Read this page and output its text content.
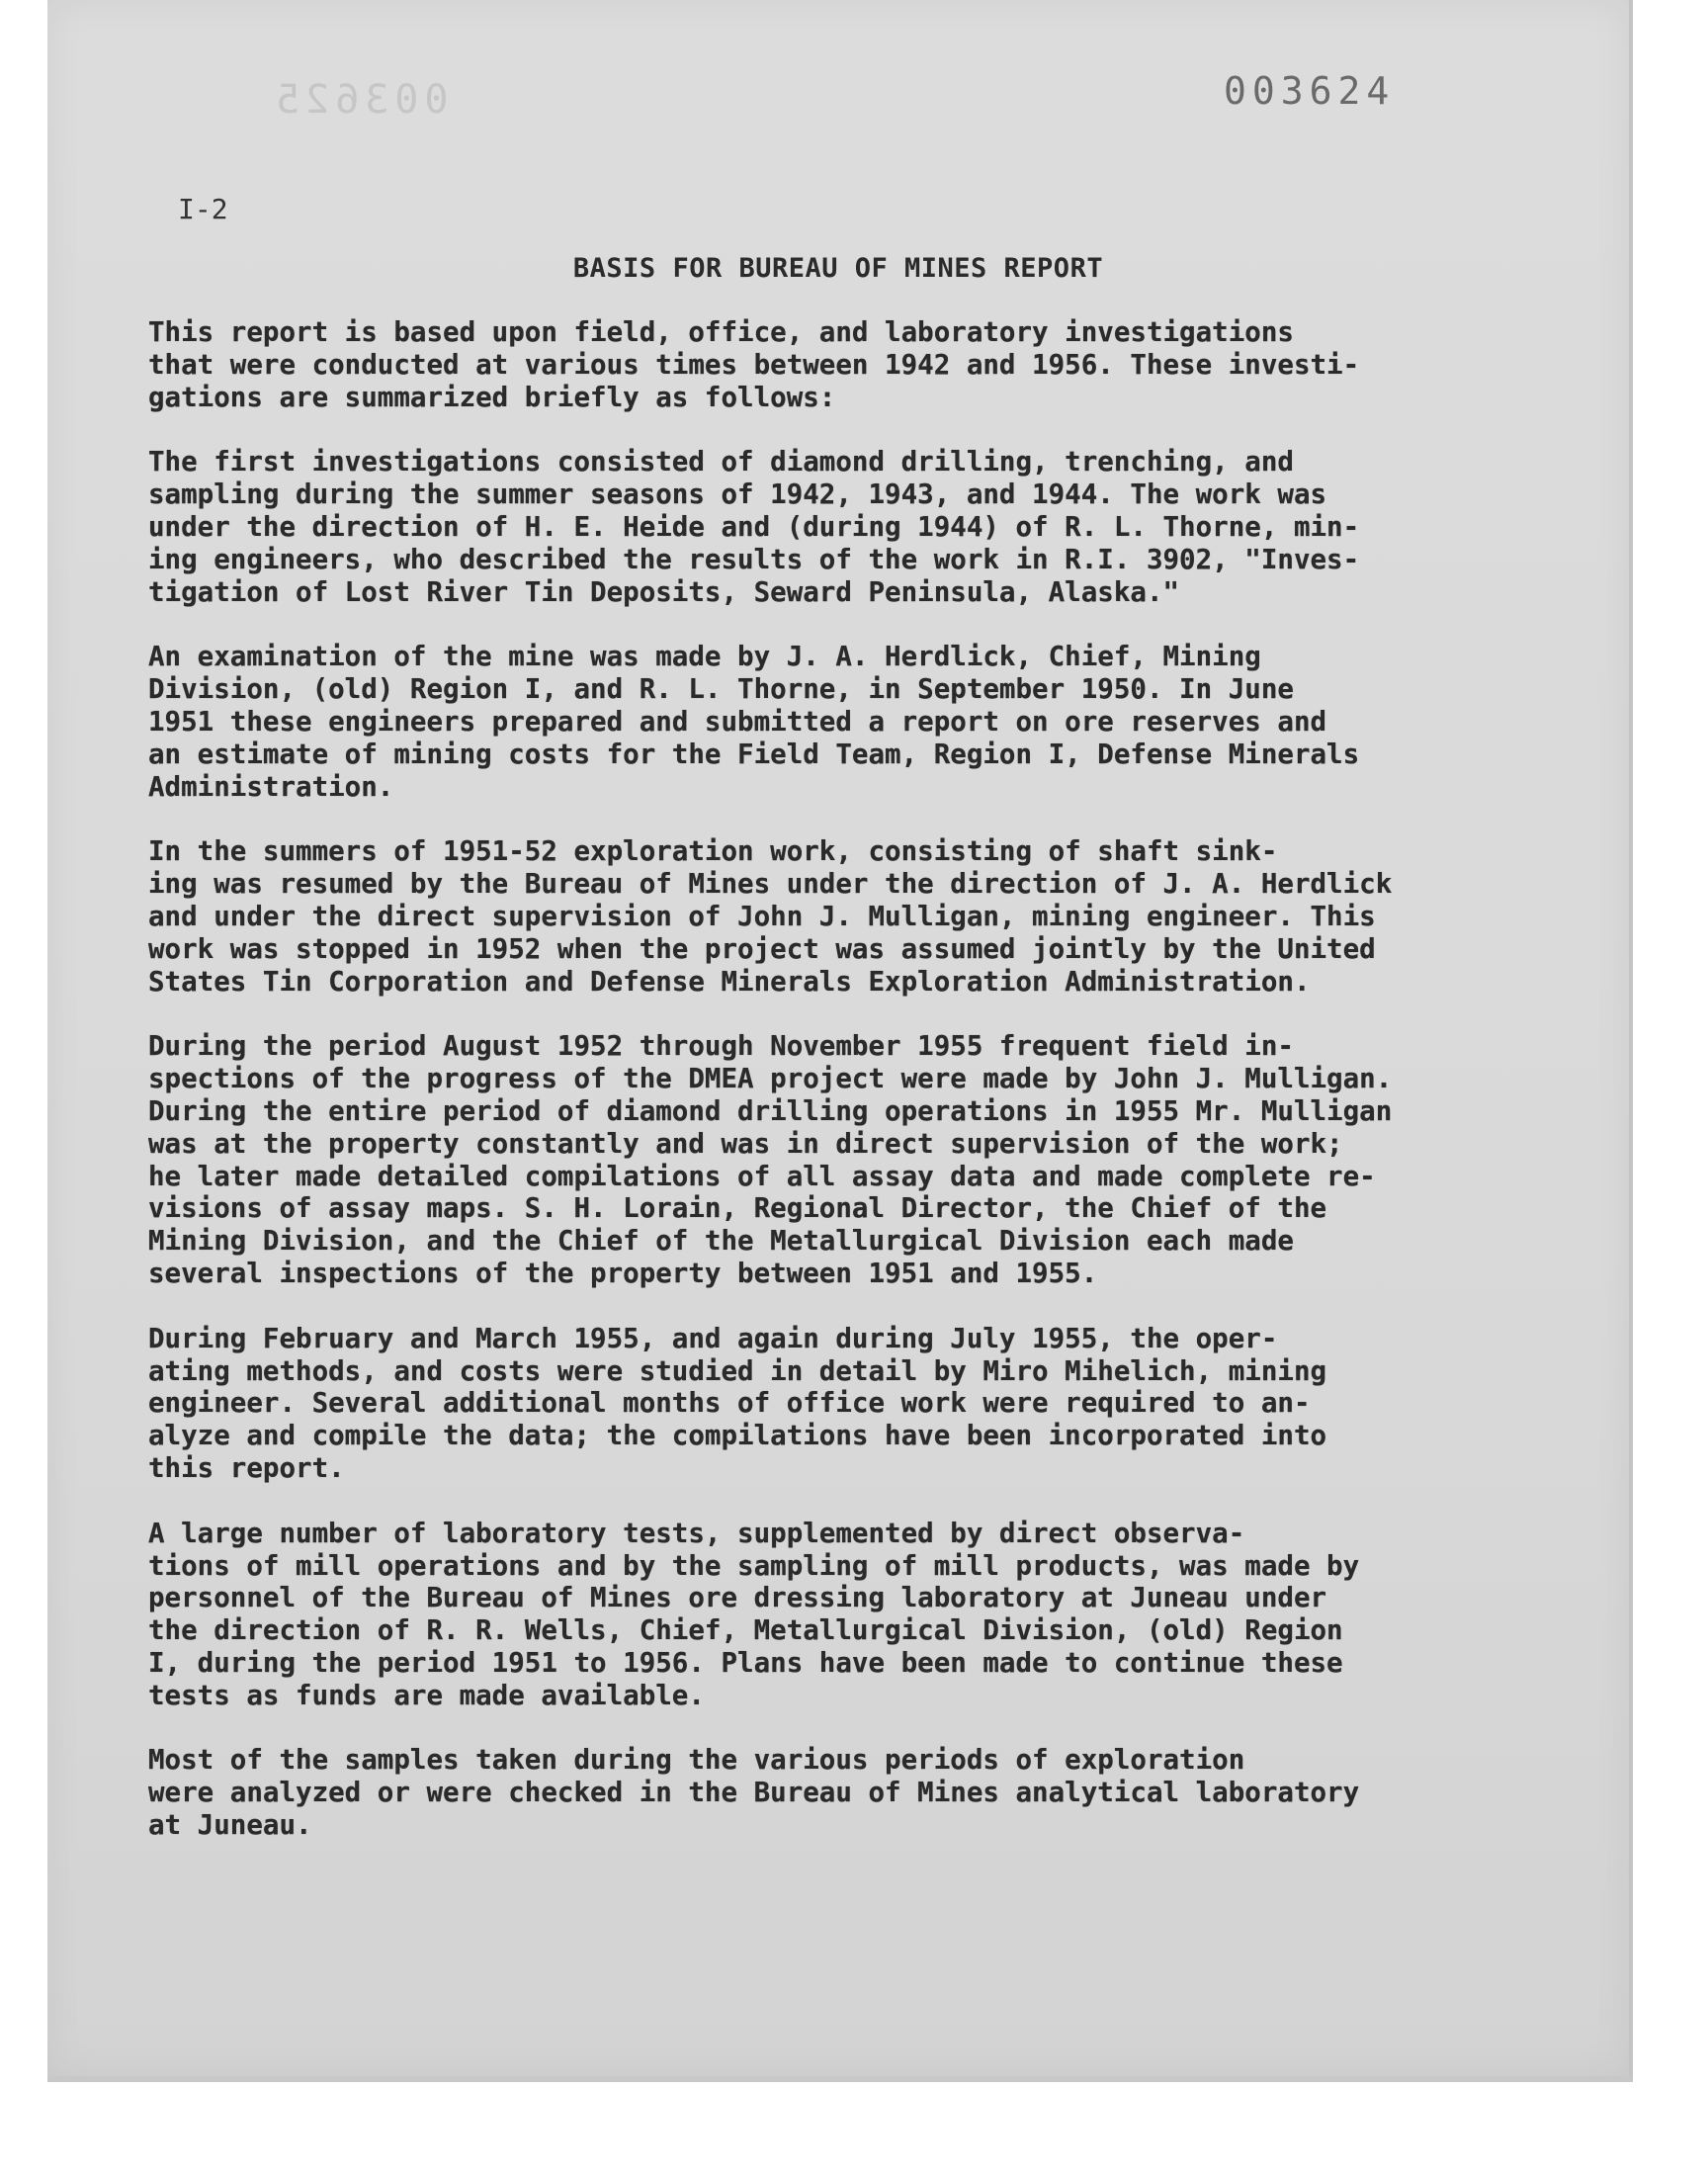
003625	003624
I-2
BASIS FOR BUREAU OF MINES REPORT

This report is based upon field, office, and laboratory investigations
that were conducted at various times between 1942 and 1956. These investi-
gations are summarized briefly as follows:

The first investigations consisted of diamond drilling, trenching, and
sampling during the summer seasons of 1942, 1943, and 1944. The work was
under the direction of H. E. Heide and (during 1944) of R. L. Thorne, min-
ing engineers, who described the results of the work in R.I. 3902, "Inves-
tigation of Lost River Tin Deposits, Seward Peninsula, Alaska."

An examination of the mine was made by J. A. Herdlick, Chief, Mining
Division, (old) Region I, and R. L. Thorne, in September 1950. In June
1951 these engineers prepared and submitted a report on ore reserves and
an estimate of mining costs for the Field Team, Region I, Defense Minerals
Administration.

In the summers of 1951-52 exploration work, consisting of shaft sink-
ing was resumed by the Bureau of Mines under the direction of J. A. Herdlick
and under the direct supervision of John J. Mulligan, mining engineer. This
work was stopped in 1952 when the project was assumed jointly by the United
States Tin Corporation and Defense Minerals Exploration Administration.

During the period August 1952 through November 1955 frequent field in-
spections of the progress of the DMEA project were made by John J. Mulligan.
During the entire period of diamond drilling operations in 1955 Mr. Mulligan
was at the property constantly and was in direct supervision of the work;
he later made detailed compilations of all assay data and made complete re-
visions of assay maps. S. H. Lorain, Regional Director, the Chief of the
Mining Division, and the Chief of the Metallurgical Division each made
several inspections of the property between 1951 and 1955.

During February and March 1955, and again during July 1955, the oper-
ating methods, and costs were studied in detail by Miro Mihelich, mining
engineer. Several additional months of office work were required to an-
alyze and compile the data; the compilations have been incorporated into
this report.

A large number of laboratory tests, supplemented by direct observa-
tions of mill operations and by the sampling of mill products, was made by
personnel of the Bureau of Mines ore dressing laboratory at Juneau under
the direction of R. R. Wells, Chief, Metallurgical Division, (old) Region
I, during the period 1951 to 1956. Plans have been made to continue these
tests as funds are made available.

Most of the samples taken during the various periods of exploration
were analyzed or were checked in the Bureau of Mines analytical laboratory
at Juneau.
